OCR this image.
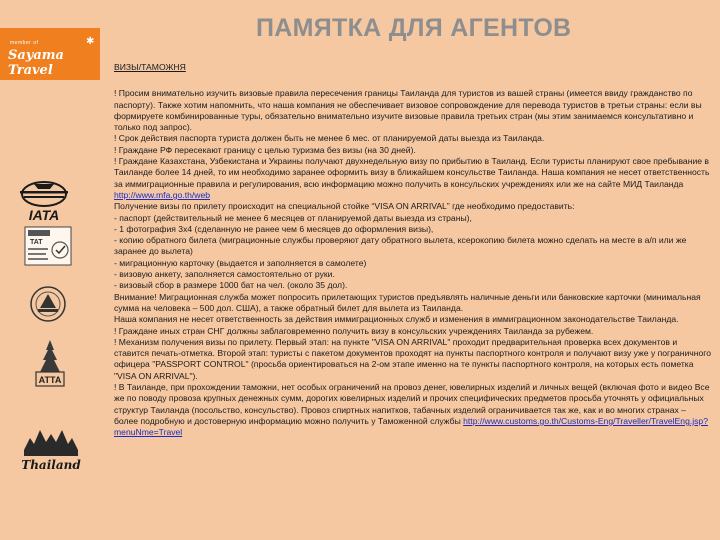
member of
Sayama Travel
✱
IATA
TAT
ATTA
Thailand
ПАМЯТКА ДЛЯ АГЕНТОВ
ВИЗЫ/ТАМОЖНЯ
! Просим внимательно изучить визовые правила пересечения границы Таиланда для туристов из вашей страны (имеется ввиду гражданство по паспорту). Также хотим напомнить, что наша компания не обеспечивает визовое сопровождение для перевода туристов в третьи страны: если вы формируете комбинированные туры, обязательно внимательно изучите визовые правила третьих стран (мы этим занимаемся консультативно и только под запрос).
! Срок действия паспорта туриста должен быть не менее 6 мес. от планируемой даты выезда из Таиланда.
! Граждане РФ пересекают границу с целью туризма без визы (на 30 дней).
! Граждане Казахстана, Узбекистана и Украины получают двухнедельную визу по прибытию в Таиланд. Если туристы планируют свое пребывание в Таиланде более 14 дней, то им необходимо заранее оформить визу в ближайшем консульстве Таиланда. Наша компания не несет ответственность за иммиграционные правила и регулирования, всю информацию можно получить в консульских учреждениях или же на сайте МИД Таиланда http://www.mfa.go.th/web
Получение визы по прилету происходит на специальной стойке “VISA ON ARRIVAL” где необходимо предоставить:
- паспорт (действительный не менее 6 месяцев от планируемой даты выезда из страны),
- 1 фотография 3х4 (сделанную не ранее чем 6 месяцев до оформления визы),
- копию обратного билета (миграционные службы проверяют дату обратного вылета, ксерокопию билета можно сделать на месте в а/п или же заранее до вылета)
- миграционную карточку (выдается и заполняется в самолете)
- визовую анкету, заполняется самостоятельно от руки.
- визовый сбор в размере 1000 бат на чел. (около 35 дол).
Внимание! Миграционная служба может попросить прилетающих туристов предъявлять наличные деньги или банковские карточки (минимальная сумма на человека – 500 дол. США), а также обратный билет для вылета из Таиланда.
Наша компания не несет ответственность за действия иммиграционных служб и изменения в иммиграционном законодательстве Таиланда.
! Граждане иных стран СНГ должны заблаговременно получить визу в консульских учреждениях Таиланда за рубежем.
! Механизм получения визы по прилету. Первый этап: на пункте "VISA ON ARRIVAL" проходит предварительная проверка всех документов и ставится печать-отметка. Второй этап: туристы с пакетом документов проходят на пункты паспортного контроля и получают визу уже у пограничного офицера "PASSPORT CONTROL" (просьба ориентироваться на 2-ом этапе именно на те пункты паспортного контроля, на которых есть пометка "VISA ON ARRIVAL").
! В Таиланде, при прохождении таможни, нет особых ограничений на провоз денег, ювелирных изделий и личных вещей (включая фото и видео Все же по поводу провоза крупных денежных сумм, дорогих ювелирных изделий и прочих специфических предметов просьба уточнять у официальных структур Таиланда (посольство, консульство). Провоз спиртных напитков, табачных изделий ограничивается так же, как и во многих странах – более подробную и достоверную информацию можно получить у Таможенной службы http://www.customs.go.th/Customs-Eng/Traveller/TravelEng.jsp?menuNme=Travel
